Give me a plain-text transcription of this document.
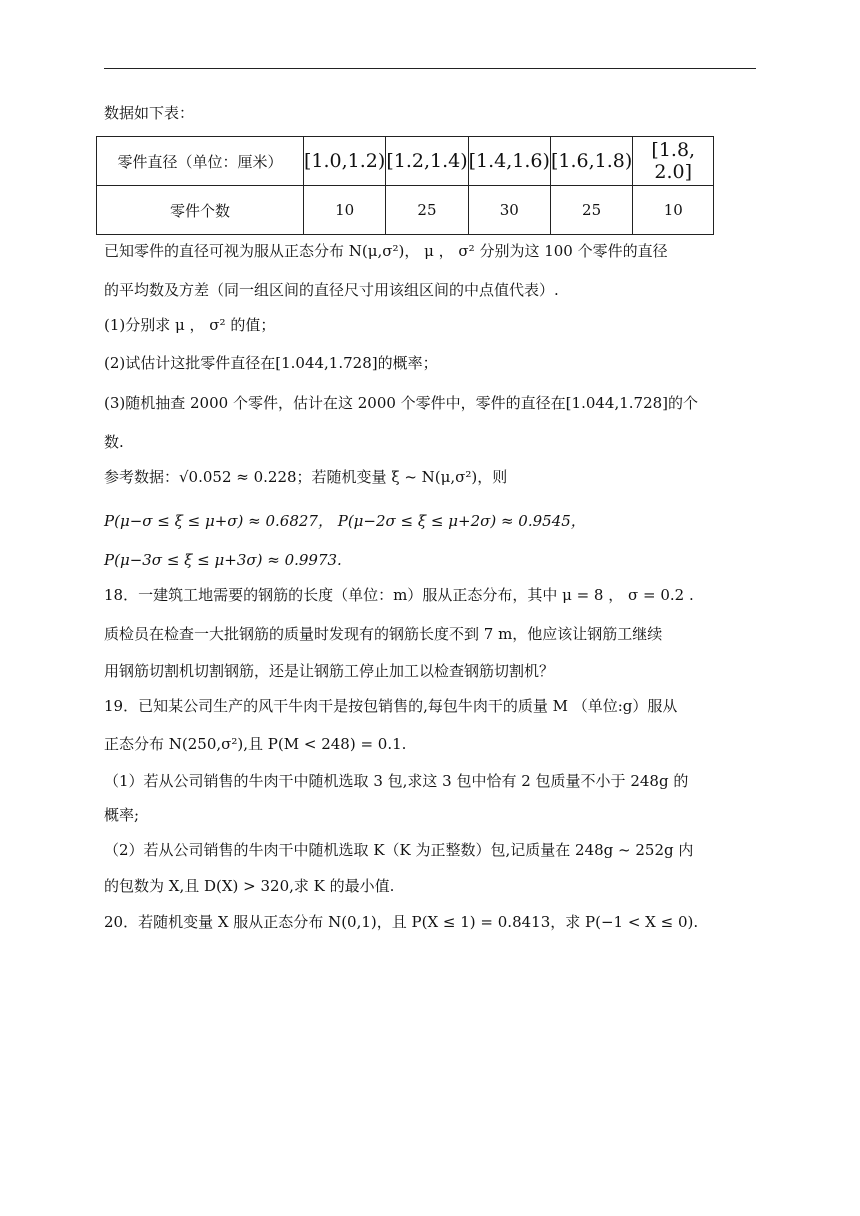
数据如下表：
零件直径（单位：厘米）	[1.0,1.2)	[1.2,1.4)	[1.4,1.6)	[1.6,1.8)	[1.8, 2.0]
零件个数	10	25	30	25	10
已知零件的直径可视为服从正态分布 N(μ,σ²)， μ ， σ² 分别为这 100 个零件的直径
的平均数及方差（同一组区间的直径尺寸用该组区间的中点值代表）.
(1)分别求 μ ， σ² 的值；
(2)试估计这批零件直径在[1.044,1.728]的概率；
(3)随机抽查 2000 个零件，估计在这 2000 个零件中，零件的直径在[1.044,1.728]的个
数.
参考数据：√0.052 ≈ 0.228；若随机变量 ξ ~ N(μ,σ²)，则
P(μ−σ ≤ ξ ≤ μ+σ) ≈ 0.6827， P(μ−2σ ≤ ξ ≤ μ+2σ) ≈ 0.9545，
P(μ−3σ ≤ ξ ≤ μ+3σ) ≈ 0.9973.
18．一建筑工地需要的钢筋的长度（单位：m）服从正态分布，其中 μ = 8 ， σ = 0.2 .
质检员在检查一大批钢筋的质量时发现有的钢筋长度不到 7 m，他应该让钢筋工继续
用钢筋切割机切割钢筋，还是让钢筋工停止加工以检查钢筋切割机？
19．已知某公司生产的风干牛肉干是按包销售的,每包牛肉干的质量 M （单位:g）服从
正态分布 N(250,σ²),且 P(M < 248) = 0.1.
（1）若从公司销售的牛肉干中随机选取 3 包,求这 3 包中恰有 2 包质量不小于 248g 的
概率;
（2）若从公司销售的牛肉干中随机选取 K（K 为正整数）包,记质量在 248g ~ 252g 内
的包数为 X,且 D(X) > 320,求 K 的最小值.
20．若随机变量 X 服从正态分布 N(0,1)，且 P(X ≤ 1) = 0.8413，求 P(−1 < X ≤ 0).
